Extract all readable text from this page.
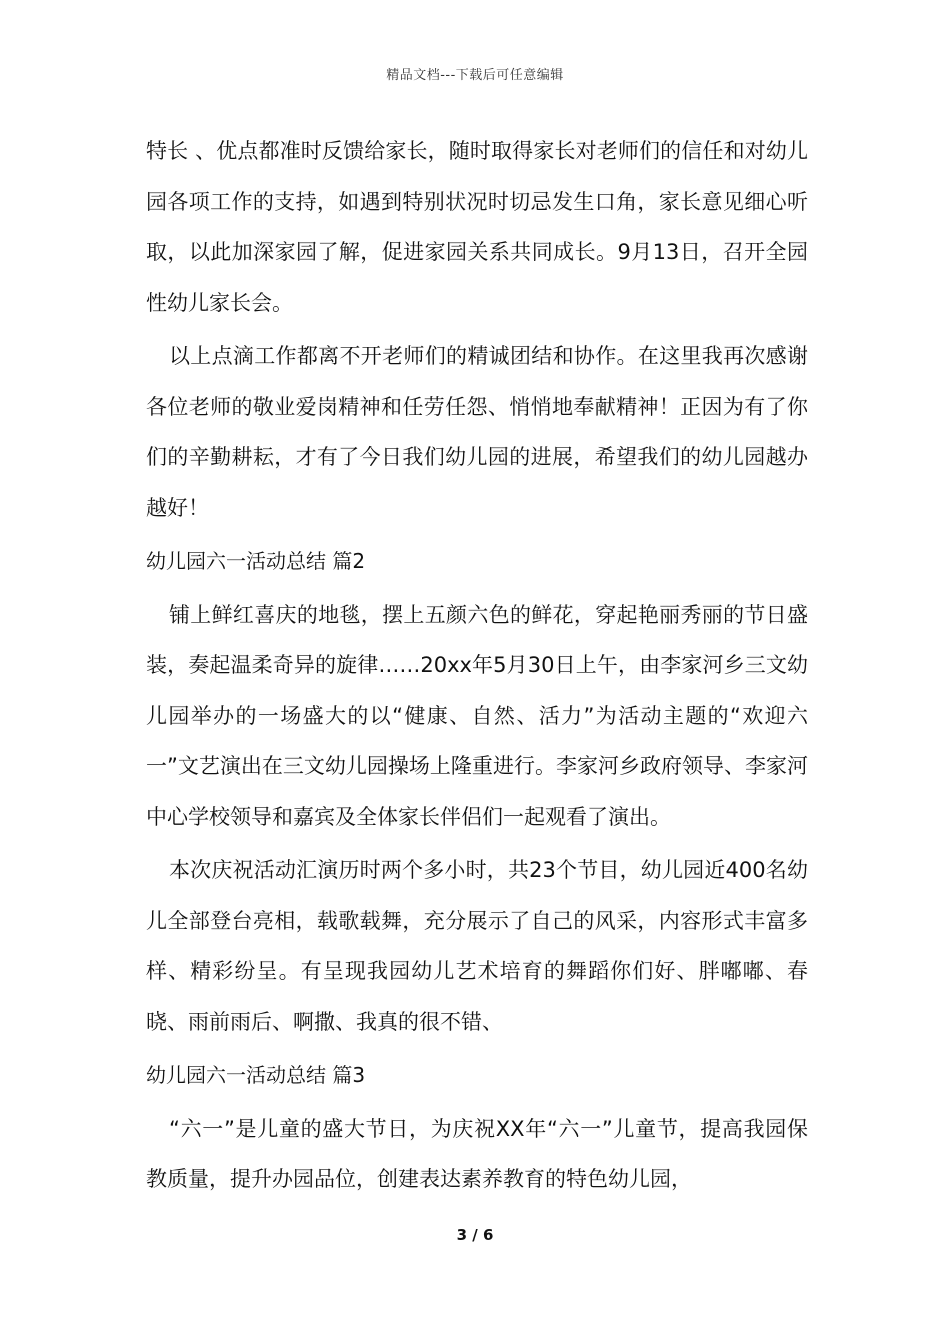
精品文档---下载后可任意编辑

特长 、优点都准时反馈给家长，随时取得家长对老师们的信任和对幼儿园各项工作的支持，如遇到特别状况时切忌发生口角，家长意见细心听取，以此加深家园了解，促进家园关系共同成长。9月13日，召开全园性幼儿家长会。

以上点滴工作都离不开老师们的精诚团结和协作。在这里我再次感谢各位老师的敬业爱岗精神和任劳任怨、悄悄地奉献精神！正因为有了你们的辛勤耕耘，才有了今日我们幼儿园的进展，希望我们的幼儿园越办越好！

幼儿园六一活动总结 篇2

铺上鲜红喜庆的地毯，摆上五颜六色的鲜花，穿起艳丽秀丽的节日盛装，奏起温柔奇异的旋律……20xx年5月30日上午，由李家河乡三文幼儿园举办的一场盛大的以“健康、自然、活力”为活动主题的“欢迎六一”文艺演出在三文幼儿园操场上隆重进行。李家河乡政府领导、李家河中心学校领导和嘉宾及全体家长伴侣们一起观看了演出。

本次庆祝活动汇演历时两个多小时，共23个节目，幼儿园近400名幼儿全部登台亮相，载歌载舞，充分展示了自己的风采，内容形式丰富多样、精彩纷呈。有呈现我园幼儿艺术培育的舞蹈你们好、胖嘟嘟、春晓、雨前雨后、啊撒、我真的很不错、

幼儿园六一活动总结 篇3

“六一”是儿童的盛大节日，为庆祝XX年“六一”儿童节，提高我园保教质量，提升办园品位，创建表达素养教育的特色幼儿园，

3 / 6
